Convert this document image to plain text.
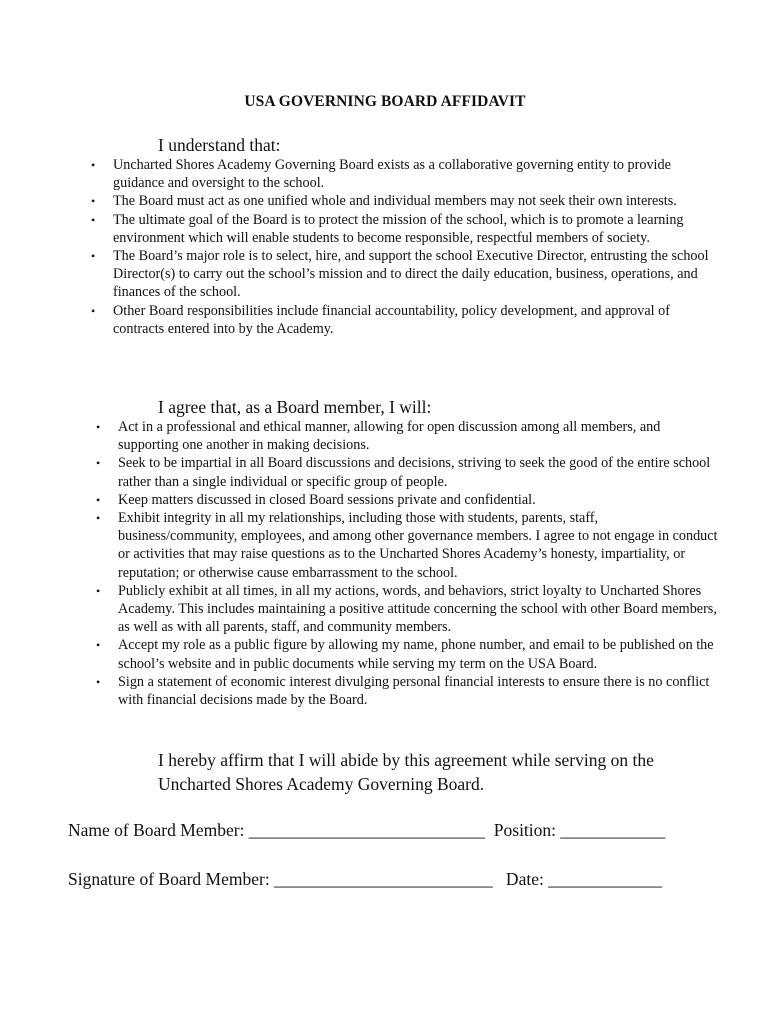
USA GOVERNING BOARD AFFIDAVIT
I understand that:
• Uncharted Shores Academy Governing Board exists as a collaborative governing entity to provide guidance and oversight to the school.
• The Board must act as one unified whole and individual members may not seek their own interests.
• The ultimate goal of the Board is to protect the mission of the school, which is to promote a learning environment which will enable students to become responsible, respectful members of society.
• The Board’s major role is to select, hire, and support the school Executive Director, entrusting the school Director(s) to carry out the school’s mission and to direct the daily education, business, operations, and finances of the school.
• Other Board responsibilities include financial accountability, policy development, and approval of contracts entered into by the Academy.
I agree that, as a Board member, I will:
• Act in a professional and ethical manner, allowing for open discussion among all members, and supporting one another in making decisions.
• Seek to be impartial in all Board discussions and decisions, striving to seek the good of the entire school rather than a single individual or specific group of people.
• Keep matters discussed in closed Board sessions private and confidential.
• Exhibit integrity in all my relationships, including those with students, parents, staff, business/community, employees, and among other governance members. I agree to not engage in conduct or activities that may raise questions as to the Uncharted Shores Academy’s honesty, impartiality, or reputation; or otherwise cause embarrassment to the school.
• Publicly exhibit at all times, in all my actions, words, and behaviors, strict loyalty to Uncharted Shores Academy. This includes maintaining a positive attitude concerning the school with other Board members, as well as with all parents, staff, and community members.
• Accept my role as a public figure by allowing my name, phone number, and email to be published on the school’s website and in public documents while serving my term on the USA Board.
• Sign a statement of economic interest divulging personal financial interests to ensure there is no conflict with financial decisions made by the Board.
I hereby affirm that I will abide by this agreement while serving on the Uncharted Shores Academy Governing Board.
Name of Board Member: ___________________________  Position: ____________
Signature of Board Member: _________________________   Date: _____________
